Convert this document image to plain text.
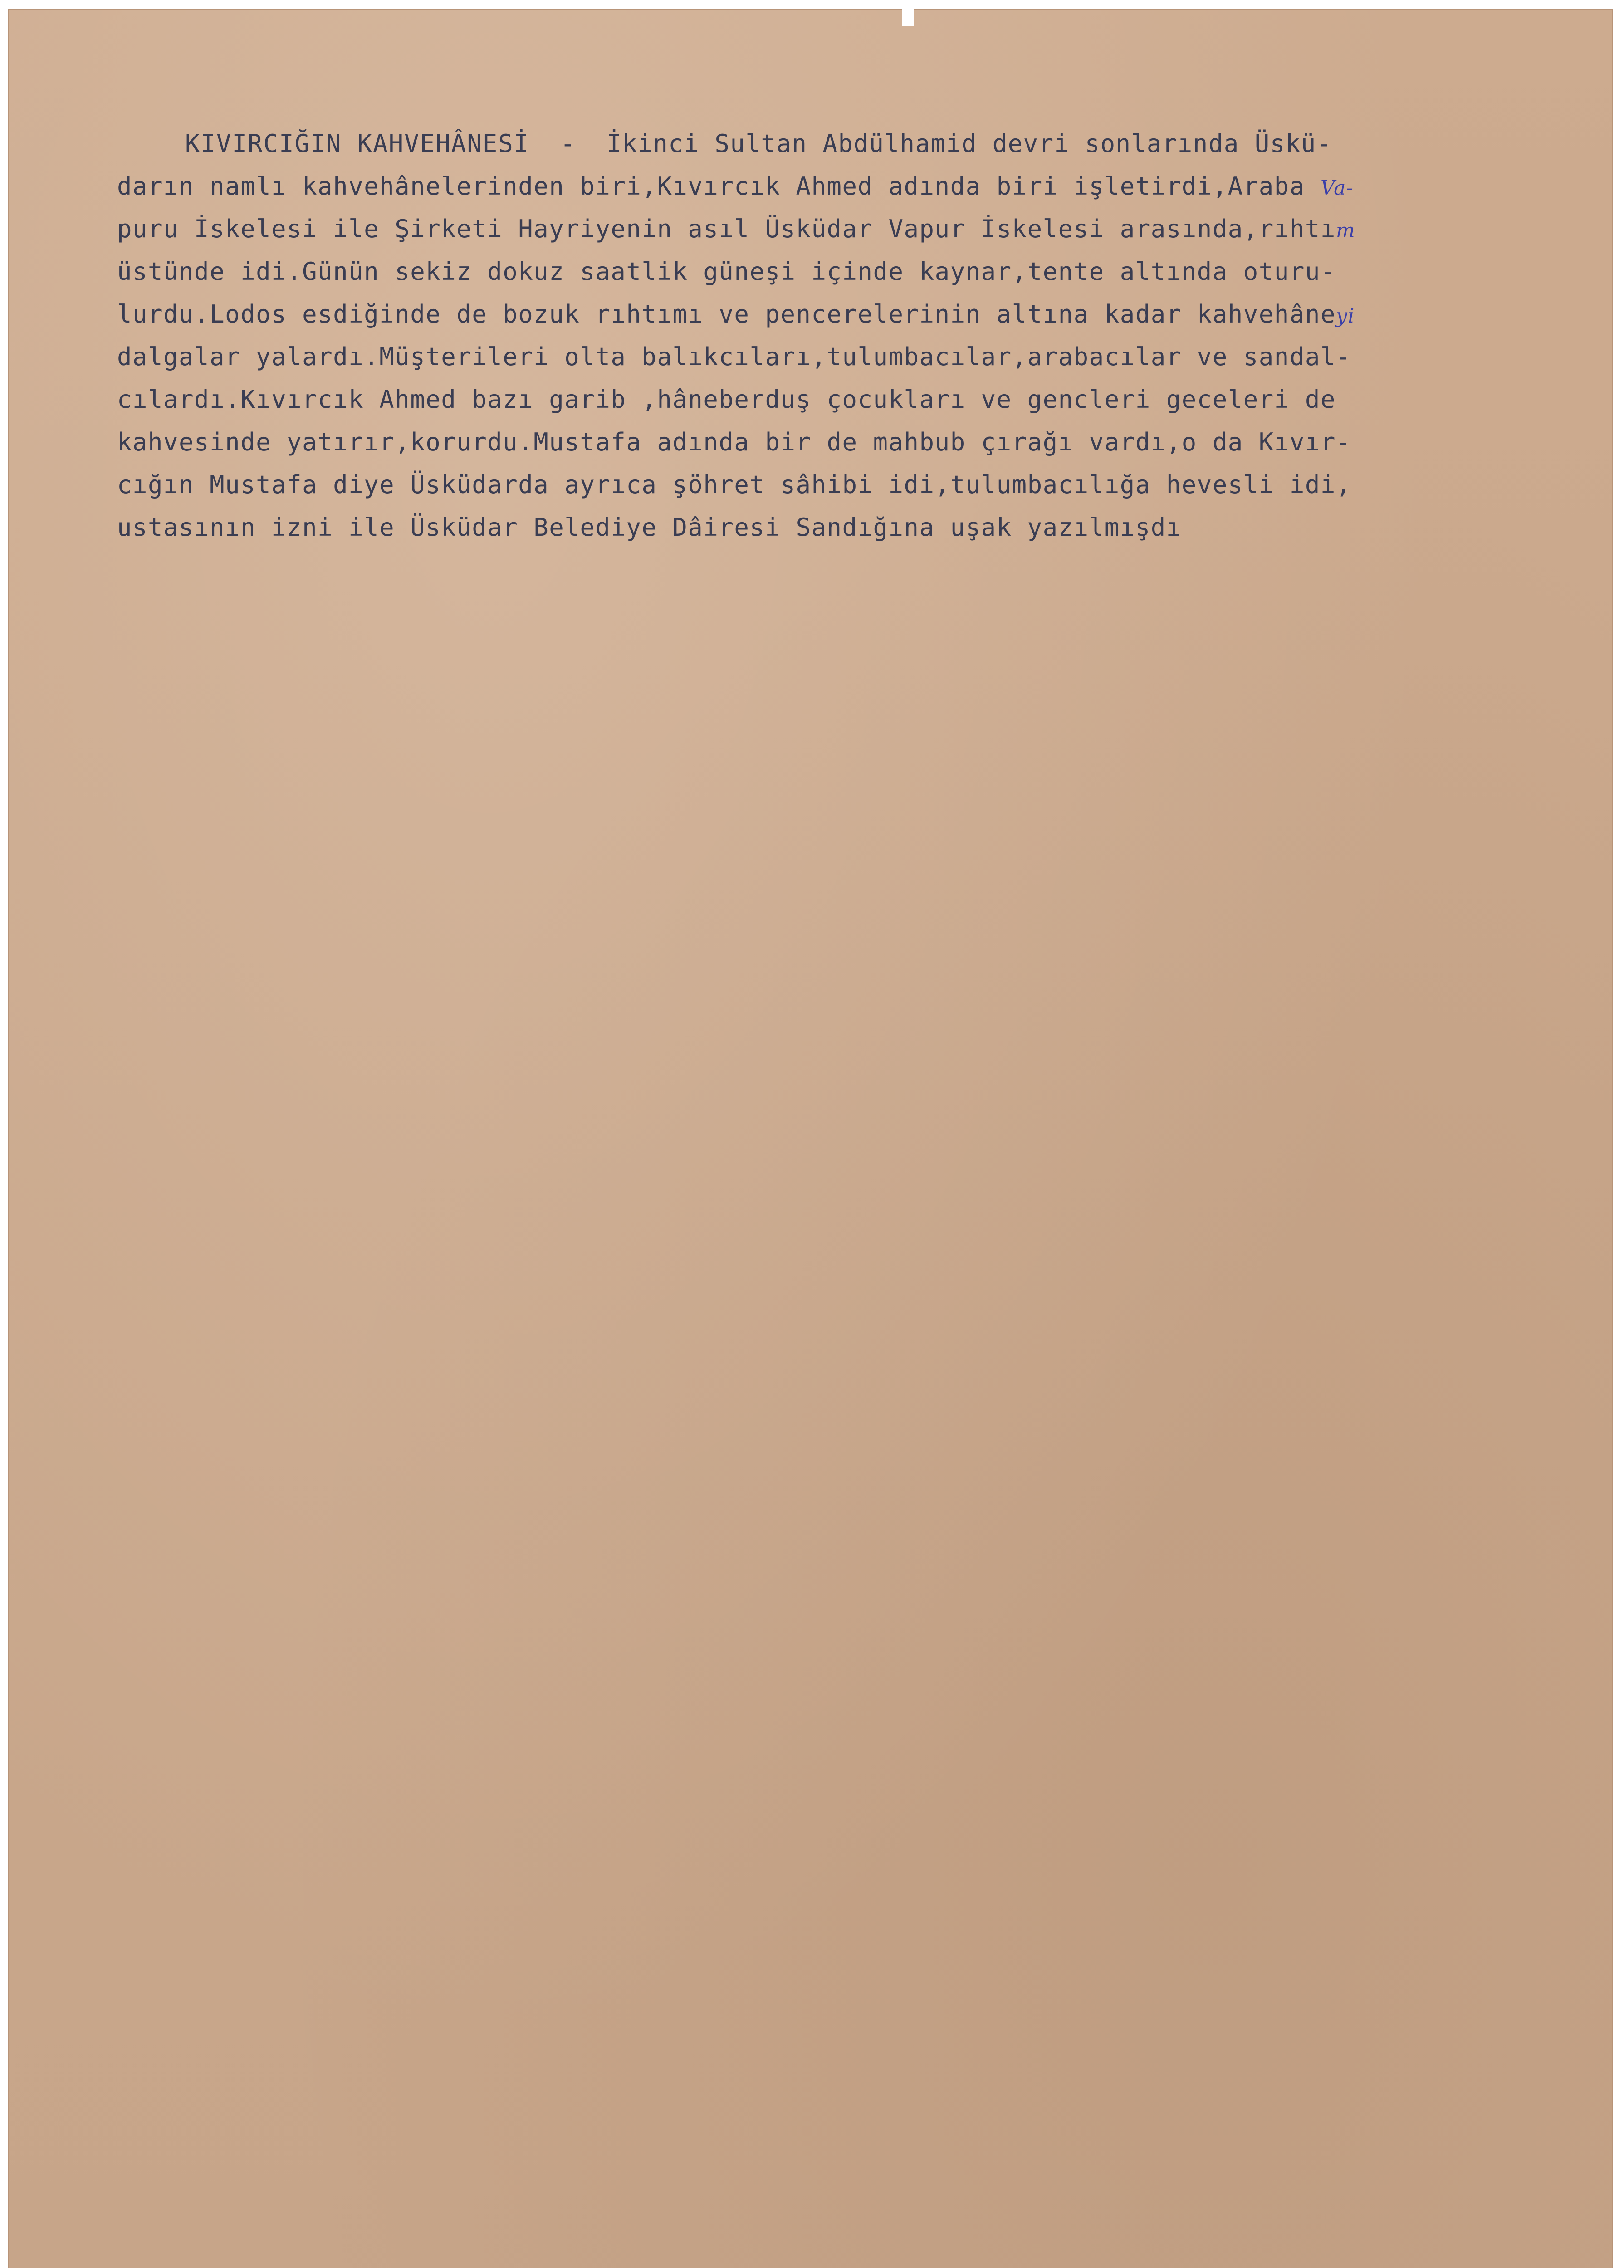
KIVIRCIĞIN KAHVEHÂNESİ - İkinci Sultan Abdülhamid devri sonlarında Üskü-
darın namlı kahvehânelerinden biri,Kıvırcık Ahmed adında biri işletirdi,Araba Va-
puru İskelesi ile Şirketi Hayriyenin asıl Üsküdar Vapur İskelesi arasında,rıhtım
üstünde idi.Günün sekiz dokuz saatlik güneşi içinde kaynar,tente altında oturu-
lurdu.Lodos esdiğinde de bozuk rıhtımı ve pencerelerinin altına kadar kahvehâneyi
dalgalar yalardı.Müşterileri olta balıkcıları,tulumbacılar,arabacılar ve sandal-
cılardı.Kıvırcık Ahmed bazı garib ,hâneberduş çocukları ve gencleri geceleri de
kahvesinde yatırır,korurdu.Mustafa adında bir de mahbub çırağı vardı,o da Kıvır-
cığın Mustafa diye Üsküdarda ayrıca şöhret sâhibi idi,tulumbacılığa hevesli idi,
ustasının izni ile Üsküdar Belediye Dâiresi Sandığına uşak yazılmışdı
